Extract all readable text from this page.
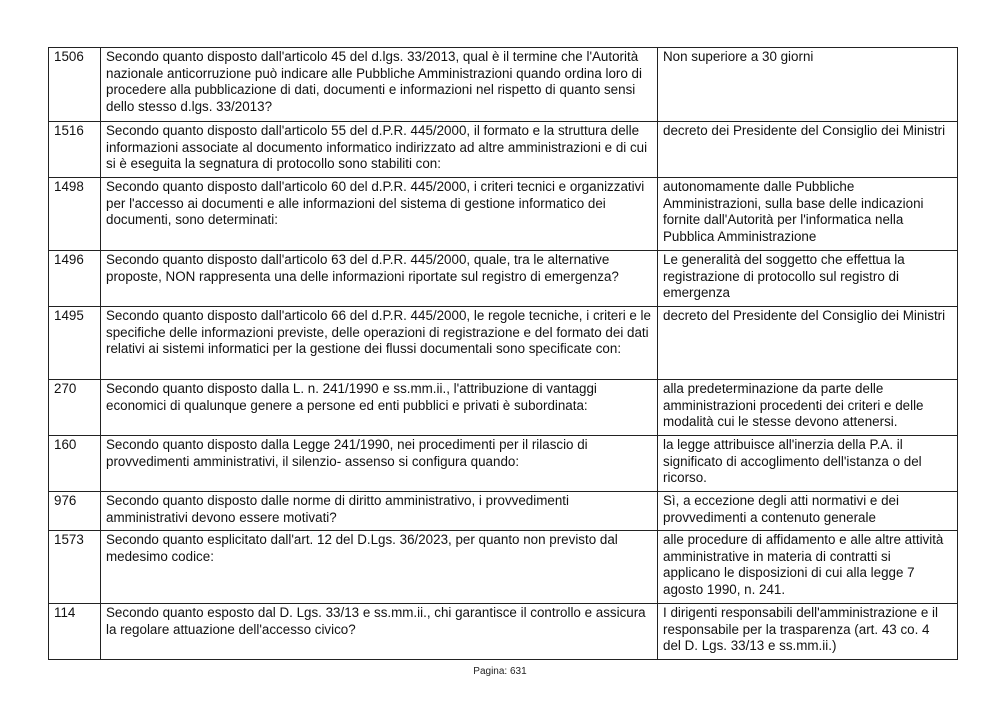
1506	Secondo quanto disposto dall'articolo 45 del d.lgs. 33/2013, qual è il termine che l'Autorità nazionale anticorruzione può indicare alle Pubbliche Amministrazioni quando ordina loro di procedere alla pubblicazione di dati, documenti e informazioni nel rispetto di quanto sensi dello stesso d.lgs. 33/2013?	Non superiore a 30 giorni
1516	Secondo quanto disposto dall'articolo 55 del d.P.R. 445/2000, il formato e la struttura delle informazioni associate al documento informatico indirizzato ad altre amministrazioni e di cui si è eseguita la segnatura di protocollo sono stabiliti con:	decreto dei Presidente del Consiglio dei Ministri
1498	Secondo quanto disposto dall'articolo 60 del d.P.R. 445/2000, i criteri tecnici e organizzativi per l'accesso ai documenti e alle informazioni del sistema di gestione informatico dei documenti, sono determinati:	autonomamente dalle Pubbliche Amministrazioni, sulla base delle indicazioni fornite dall'Autorità per l'informatica nella Pubblica Amministrazione
1496	Secondo quanto disposto dall'articolo 63 del d.P.R. 445/2000, quale, tra le alternative proposte, NON rappresenta una delle informazioni riportate sul registro di emergenza?	Le generalità del soggetto che effettua la registrazione di protocollo sul registro di emergenza
1495	Secondo quanto disposto dall'articolo 66 del d.P.R. 445/2000, le regole tecniche, i criteri e le specifiche delle informazioni previste, delle operazioni di registrazione e del formato dei dati relativi ai sistemi informatici per la gestione dei flussi documentali sono specificate con:	decreto del Presidente del Consiglio dei Ministri
270	Secondo quanto disposto dalla L. n. 241/1990 e ss.mm.ii., l'attribuzione di vantaggi economici di qualunque genere a persone ed enti pubblici e privati è subordinata:	alla predeterminazione da parte delle amministrazioni procedenti dei criteri e delle modalità cui le stesse devono attenersi.
160	Secondo quanto disposto dalla Legge 241/1990, nei procedimenti per il rilascio di provvedimenti amministrativi, il silenzio- assenso si configura quando:	la legge attribuisce all'inerzia della P.A. il significato di accoglimento dell'istanza o del ricorso.
976	Secondo quanto disposto dalle norme di diritto amministrativo, i provvedimenti amministrativi devono essere motivati?	Sì, a eccezione degli atti normativi e dei provvedimenti a contenuto generale
1573	Secondo quanto esplicitato dall'art. 12 del D.Lgs. 36/2023, per quanto non previsto dal medesimo codice:	alle procedure di affidamento e alle altre attività amministrative in materia di contratti si applicano le disposizioni di cui alla legge 7 agosto 1990, n. 241.
114	Secondo quanto esposto dal D. Lgs. 33/13 e ss.mm.ii., chi garantisce il controllo e assicura la regolare attuazione dell'accesso civico?	I dirigenti responsabili dell'amministrazione e il responsabile per la trasparenza (art. 43 co. 4 del D. Lgs. 33/13 e ss.mm.ii.)
Pagina: 631
